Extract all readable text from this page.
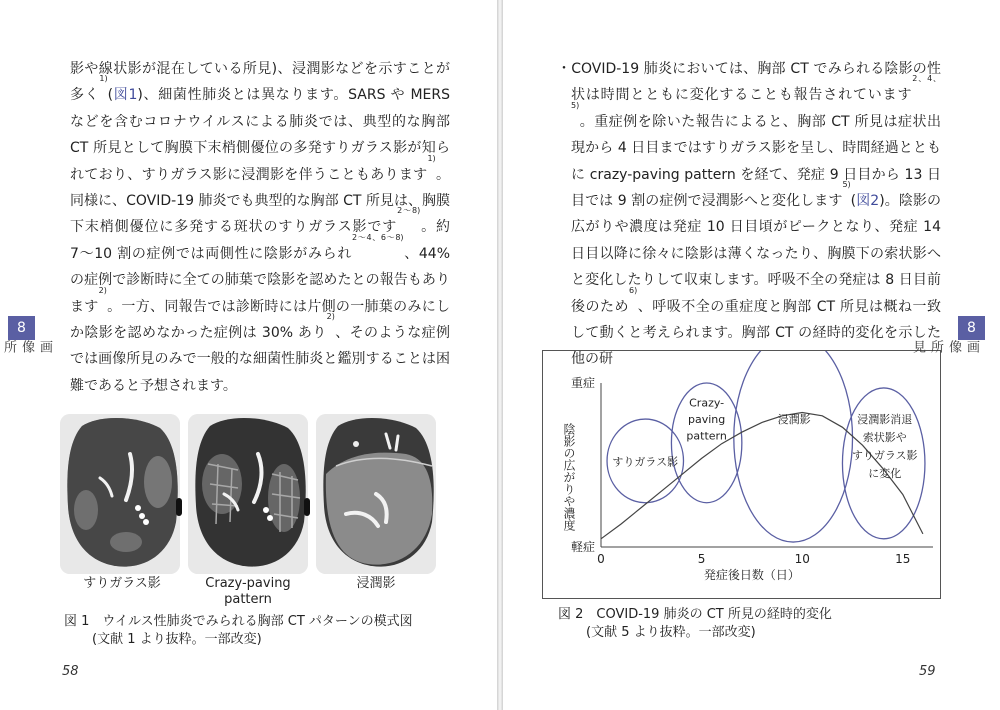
影や線状影が混在している所見)、浸潤影などを示すことが多く$^{1)}$(図1)、細菌性肺炎とは異なります。SARS や MERS などを含むコロナウイルスによる肺炎では、典型的な胸部 CT 所見として胸膜下末梢側優位の多発すりガラス影が知られており、すりガラス影に浸潤影を伴うこともあります$^{1)}$。同様に、COVID-19 肺炎でも典型的な胸部 CT 所見は、胸膜下末梢側優位に多発する斑状のすりガラス影です$^{2〜8)}$。約 7〜10 割の症例では両側性に陰影がみられ$^{2〜4、6〜8)}$、44% の症例で診断時に全ての肺葉で陰影を認めたとの報告もあります$^{2)}$。一方、同報告では診断時には片側の一肺葉のみにしか陰影を認めなかった症例は 30% あり$^{2)}$、そのような症例では画像所見のみで一般的な細菌性肺炎と鑑別することは困難であると予想されます。

すりガラス影	Crazy-paving pattern
浸潤影
図 1　ウイルス性肺炎でみられる胸部 CT パターンの模式図
(文献 1 より抜粋。一部改変)
8
画像所
58

・COVID-19 肺炎においては、胸部 CT でみられる陰影の性状は時間とともに変化することも報告されています$^{2、4、5)}$。重症例を除いた報告によると、胸部 CT 所見は症状出現から 4 日目まではすりガラス影を呈し、時間経過とともに crazy-paving pattern を経て、発症 9 日目から 13 日目では 9 割の症例で浸潤影へと変化します$^{5)}$(図2)。陰影の広がりや濃度は発症 10 日目頃がピークとなり、発症 14 日目以降に徐々に陰影は薄くなったり、胸膜下の索状影へと変化したりして収束します。呼吸不全の発症は 8 日目前後のため$^{6)}$、呼吸不全の重症度と胸部 CT 所見は概ね一致して動くと考えられます。胸部 CT の経時的変化を示した他の研

重症
軽症
陰影の広がりや濃度
0	5	10	15
発症後日数（日）
すりガラス影
Crazy-
paving
pattern
浸潤影	浸潤影消退
索状影や
すりガラス影
に変化
図 2　COVID-19 肺炎の CT 所見の経時的変化
(文献 5 より抜粋。一部改変)
8
画像所見
59
